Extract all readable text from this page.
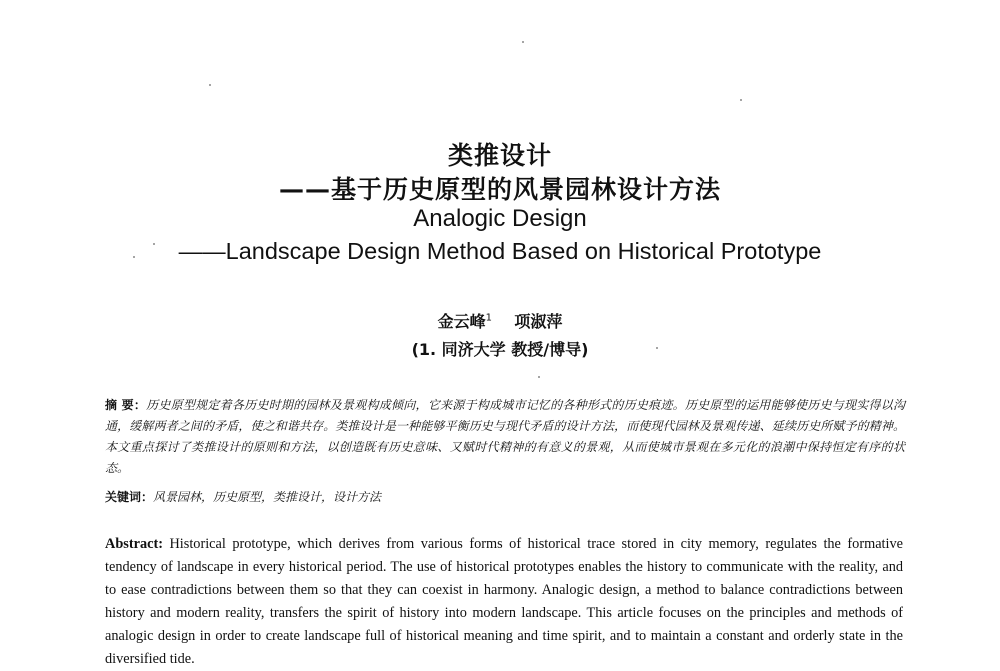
类推设计
——基于历史原型的风景园林设计方法
Analogic Design
——Landscape Design Method Based on Historical Prototype
金云峰$^1$ 项淑萍
(1. 同济大学 教授/博导)
摘 要：历史原型规定着各历史时期的园林及景观构成倾向，它来源于构成城市记忆的各种形式的历史痕迹。历史原型的运用能够使历史与现实得以沟通，缓解两者之间的矛盾，使之和谐共存。类推设计是一种能够平衡历史与现代矛盾的设计方法，而使现代园林及景观传递、延续历史所赋予的精神。本文重点探讨了类推设计的原则和方法，以创造既有历史意味、又赋时代精神的有意义的景观，从而使城市景观在多元化的浪潮中保持恒定有序的状态。
关键词：风景园林，历史原型，类推设计，设计方法
Abstract: Historical prototype, which derives from various forms of historical trace stored in city memory, regulates the formative tendency of landscape in every historical period. The use of historical prototypes enables the history to communicate with the reality, and to ease contradictions between them so that they can coexist in harmony. Analogic design, a method to balance contradictions between history and modern reality, transfers the spirit of history into modern landscape. This article focuses on the principles and methods of analogic design in order to create landscape full of historical meaning and time spirit, and to maintain a constant and orderly state in the diversified tide.
